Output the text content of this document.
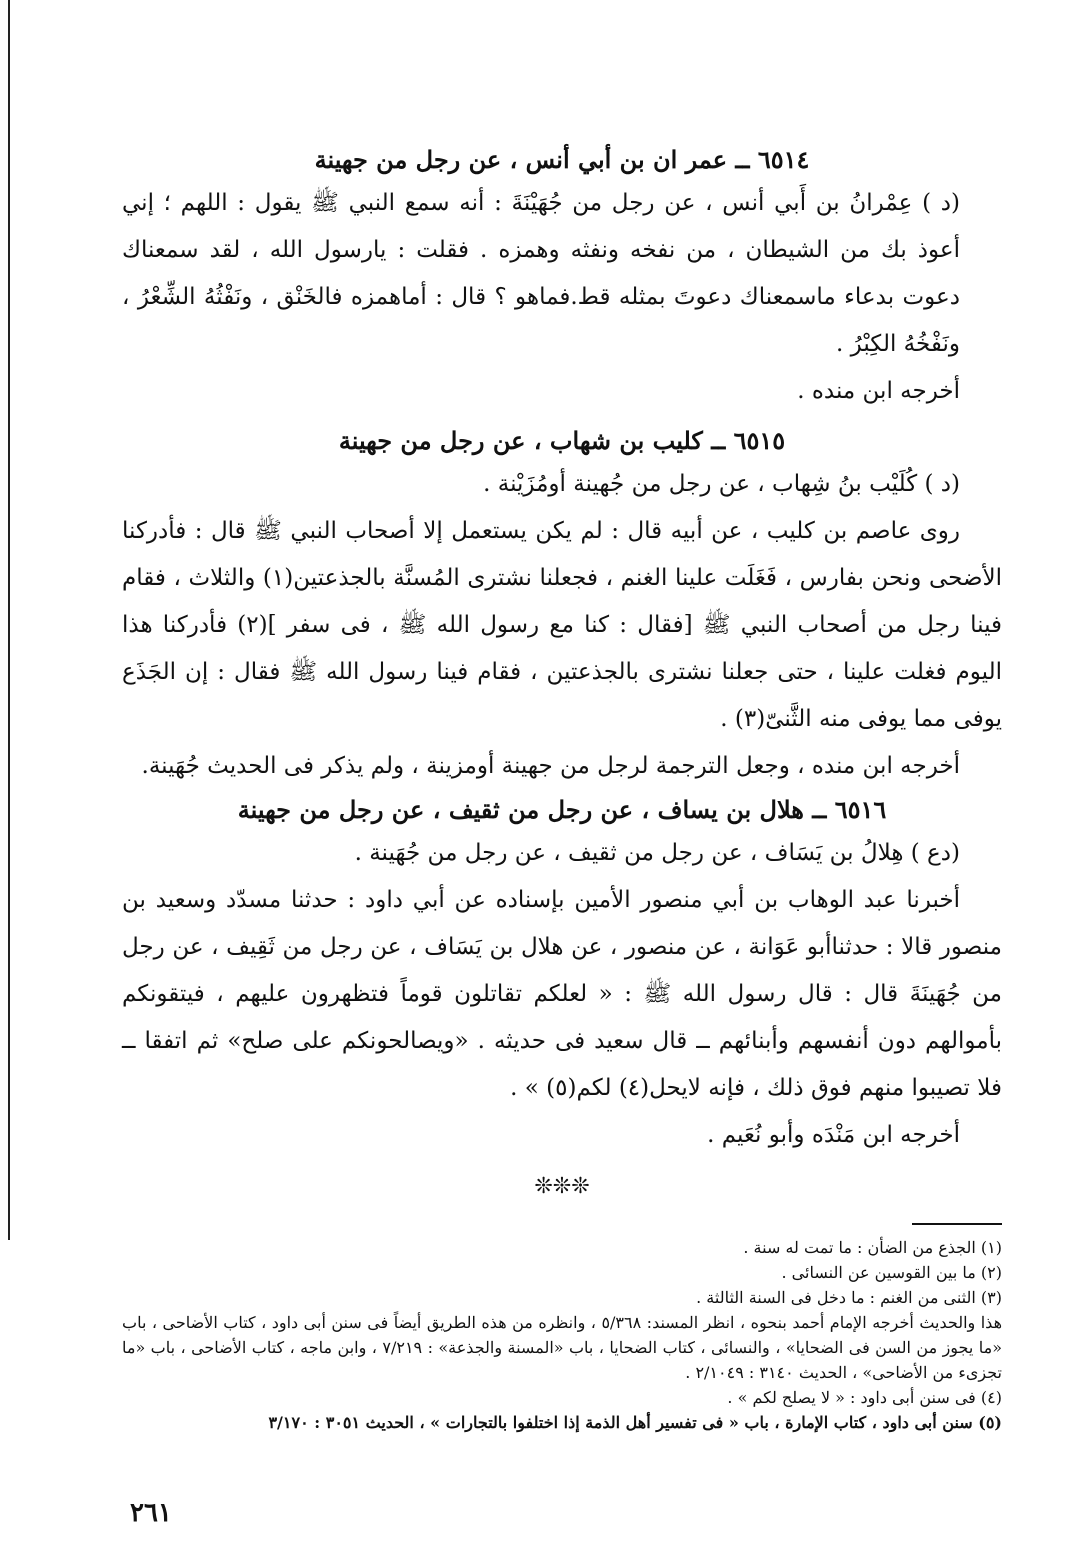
٦٥١٤ ــ عمر ان بن أبي أنس ، عن رجل من جهينة

(د ) عِمْرانُ بن أَبي أنس ، عن رجل من جُهَيْنَةَ : أنه سمع النبي ﷺ يقول : اللهم ؛ إني أعوذ بك من الشيطان ، من نفخه ونفثه وهمزه . فقلت : يارسول الله ، لقد سمعناك دعوت بدعاء ماسمعناك دعوتَ بمثله قط.فماهو ؟ قال : أماهمزه فالخَنْق ، ونَفْثُهُ الشِّعْرُ ، ونَفْخُهُ الكِبْرُ .

أخرجه ابن منده .

٦٥١٥ ــ كليب بن شهاب ، عن رجل من جهينة

(د ) كُلَيْب بنُ شِهاب ، عن رجل من جُهينة أومُزَيْنة .

روى عاصم بن كليب ، عن أبيه قال : لم يكن يستعمل إلا أصحاب النبي ﷺ قال : فأدركنا الأضحى ونحن بفارس ، فَغَلَت علينا الغنم ، فجعلنا نشترى المُسنَّة بالجذعتين(١) والثلاث ، فقام فينا رجل من أصحاب النبي ﷺ [فقال : كنا مع رسول الله ﷺ ، فى سفر ](٢) فأدركنا هذا اليوم فغلت علينا ، حتى جعلنا نشترى بالجذعتين ، فقام فينا رسول الله ﷺ فقال : إن الجَذَع يوفى مما يوفى منه الثَّنىّ(٣) .

أخرجه ابن منده ، وجعل الترجمة لرجل من جهينة أومزينة ، ولم يذكر فى الحديث جُهَينة.

٦٥١٦ ــ هلال بن يساف ، عن رجل من ثقيف ، عن رجل من جهينة

(دع ) هِلالُ بن يَسَاف ، عن رجل من ثقيف ، عن رجل من جُهَينة .

أخبرنا عبد الوهاب بن أبي منصور الأمين بإسناده عن أبي داود : حدثنا مسدّد وسعيد بن منصور قالا : حدثناأبو عَوَانة ، عن منصور ، عن هلال بن يَسَاف ، عن رجل من ثَقِيف ، عن رجل من جُهَينَةَ قال : قال رسول الله ﷺ : « لعلكم تقاتلون قوماً فتظهرون عليهم ، فيتقونكم بأموالهم دون أنفسهم وأبنائهم ــ قال سعيد فى حديثه . «ويصالحونكم على صلح» ثم اتفقا ــ فلا تصيبوا منهم فوق ذلك ، فإنه لايحل(٤) لكم(٥) » .

أخرجه ابن مَنْدَه وأبو نُعَيم .

❊❊❊

(١) الجذع من الضأن : ما تمت له سنة .

(٢) ما بين القوسين عن النسائى .

(٣) الثنى من الغنم : ما دخل فى السنة الثالثة .

هذا والحديث أخرجه الإمام أحمد بنحوه ، انظر المسند: ٥/٣٦٨ ، وانظره من هذه الطريق أيضاً فى سنن أبى داود ، كتاب الأضاحى ، باب «ما يجوز من السن فى الضحايا» ، والنسائى ، كتاب الضحايا ، باب «المسنة والجذعة» : ٧/٢١٩ ، وابن ماجه ، كتاب الأضاحى ، باب «ما تجزىء من الأضاحى» ، الحديث ٣١٤٠ : ٢/١٠٤٩ .

(٤) فى سنن أبى داود : « لا يصلح لكم » .

(٥) سنن أبى داود ، كتاب الإمارة ، باب « فى تفسير أهل الذمة إذا اختلفوا بالتجارات » ، الحديث ٣٠٥١ : ٣/١٧٠

٢٦١
